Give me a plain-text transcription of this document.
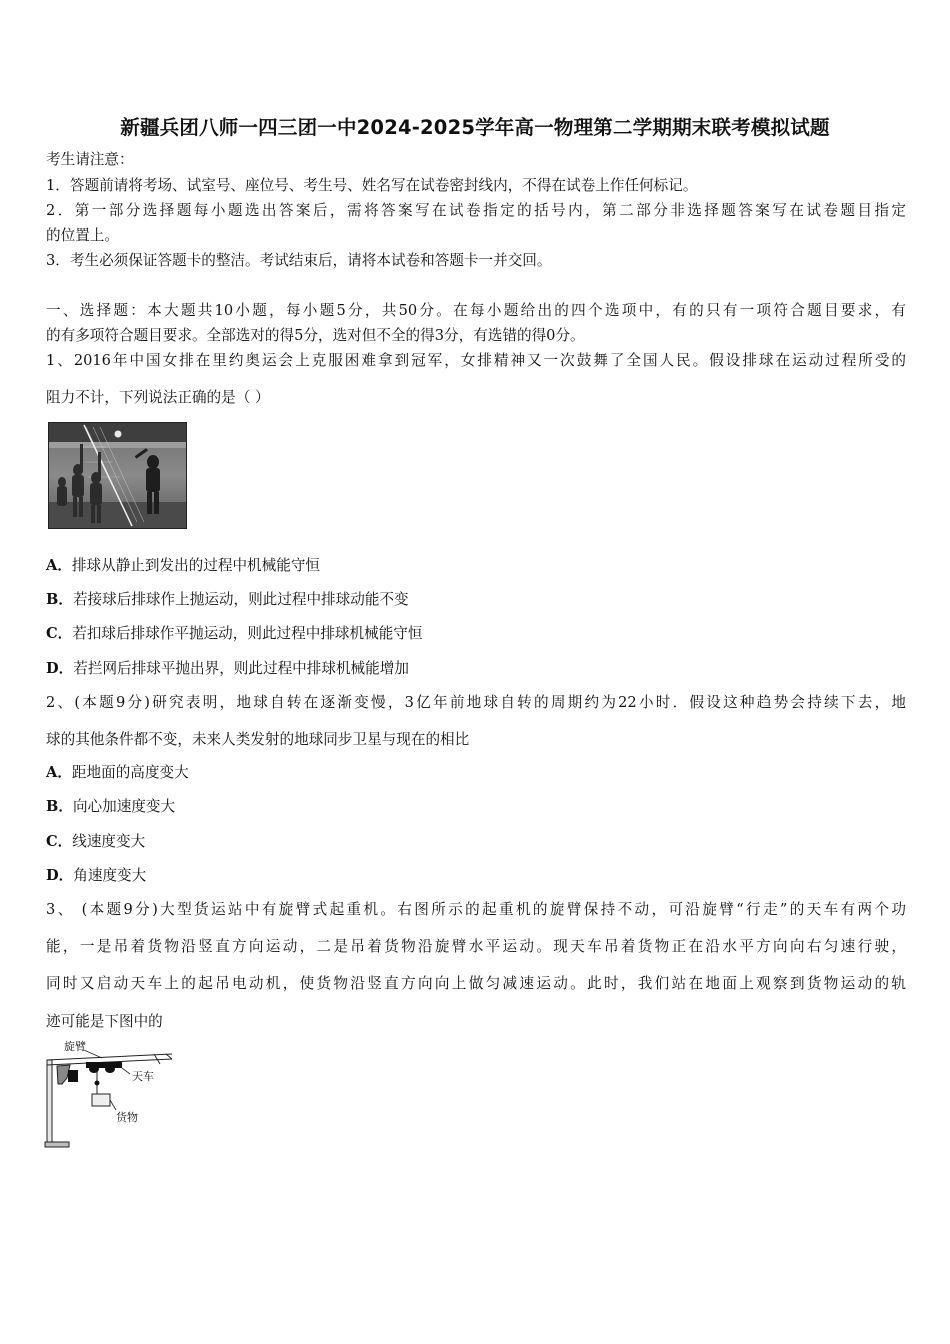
新疆兵团八师一四三团一中2024-2025学年高一物理第二学期期末联考模拟试题
考生请注意：
1．答题前请将考场、试室号、座位号、考生号、姓名写在试卷密封线内，不得在试卷上作任何标记。
2．第一部分选择题每小题选出答案后，需将答案写在试卷指定的括号内，第二部分非选择题答案写在试卷题目指定
的位置上。
3．考生必须保证答题卡的整洁。考试结束后，请将本试卷和答题卡一并交回。
一、选择题：本大题共10小题，每小题5分，共50分。在每小题给出的四个选项中，有的只有一项符合题目要求，有
的有多项符合题目要求。全部选对的得5分，选对但不全的得3分，有选错的得0分。
1、2016年中国女排在里约奥运会上克服困难拿到冠军，女排精神又一次鼓舞了全国人民。假设排球在运动过程所受的
阻力不计，下列说法正确的是（ ）
A．排球从静止到发出的过程中机械能守恒
B．若接球后排球作上抛运动，则此过程中排球动能不变
C．若扣球后排球作平抛运动，则此过程中排球机械能守恒
D．若拦网后排球平抛出界，则此过程中排球机械能增加
2、(本题9分)研究表明，地球自转在逐渐变慢，3亿年前地球自转的周期约为22小时．假设这种趋势会持续下去，地
球的其他条件都不变，未来人类发射的地球同步卫星与现在的相比
A．距地面的高度变大
B．向心加速度变大
C．线速度变大
D．角速度变大
3、 (本题9分)大型货运站中有旋臂式起重机。右图所示的起重机的旋臂保持不动，可沿旋臂“行走”的天车有两个功
能，一是吊着货物沿竖直方向运动，二是吊着货物沿旋臂水平运动。现天车吊着货物正在沿水平方向向右匀速行驶，
同时又启动天车上的起吊电动机，使货物沿竖直方向向上做匀减速运动。此时，我们站在地面上观察到货物运动的轨
迹可能是下图中的
旋臂
天车
货物
